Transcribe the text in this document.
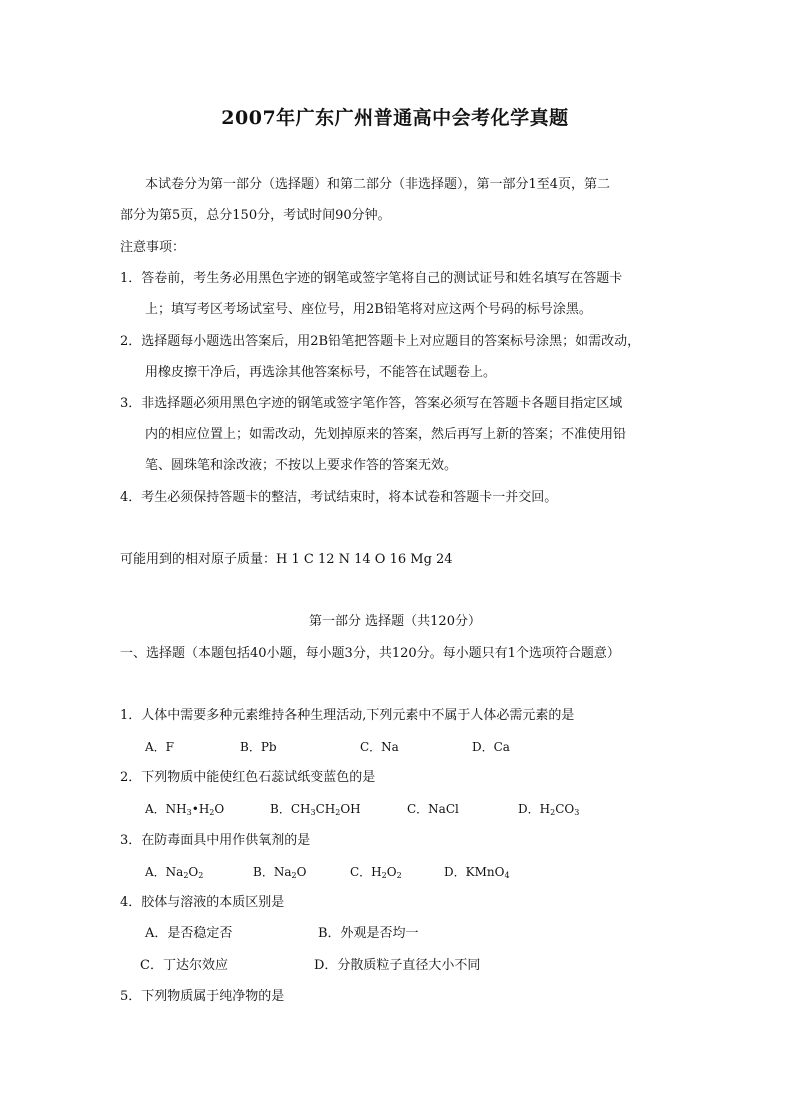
2007年广东广州普通高中会考化学真题
本试卷分为第一部分（选择题）和第二部分（非选择题），第一部分1至4页，第二
部分为第5页，总分150分，考试时间90分钟。
注意事项：
1．答卷前，考生务必用黑色字迹的钢笔或签字笔将自己的测试证号和姓名填写在答题卡
上；填写考区考场试室号、座位号，用2B铅笔将对应这两个号码的标号涂黑。
2．选择题每小题选出答案后，用2B铅笔把答题卡上对应题目的答案标号涂黑；如需改动，
用橡皮擦干净后，再选涂其他答案标号，不能答在试题卷上。
3．非选择题必须用黑色字迹的钢笔或签字笔作答，答案必须写在答题卡各题目指定区域
内的相应位置上；如需改动，先划掉原来的答案，然后再写上新的答案；不准使用铅
笔、圆珠笔和涂改液；不按以上要求作答的答案无效。
4．考生必须保持答题卡的整洁，考试结束时，将本试卷和答题卡一并交回。
可能用到的相对原子质量：H 1 C 12 N 14 O 16 Mg 24
第一部分 选择题（共120分）
一、选择题（本题包括40小题，每小题3分，共120分。每小题只有1个选项符合题意）
1．人体中需要多种元素维持各种生理活动,下列元素中不属于人体必需元素的是
A．F	B．Pb	C．Na	D．Ca
2．下列物质中能使红色石蕊试纸变蓝色的是
A．$NH_3•H_2O$	B．$CH_3CH_2OH$	C．NaCl	D．$H_2CO_3$
3．在防毒面具中用作供氧剂的是
A．$Na_2O_2$	B．$Na_2O$	C．$H_2O_2$	D．KMnO$_4$
4．胶体与溶液的本质区别是
A．是否稳定否	B．外观是否均一
C．丁达尔效应	D．分散质粒子直径大小不同
5．下列物质属于纯净物的是
